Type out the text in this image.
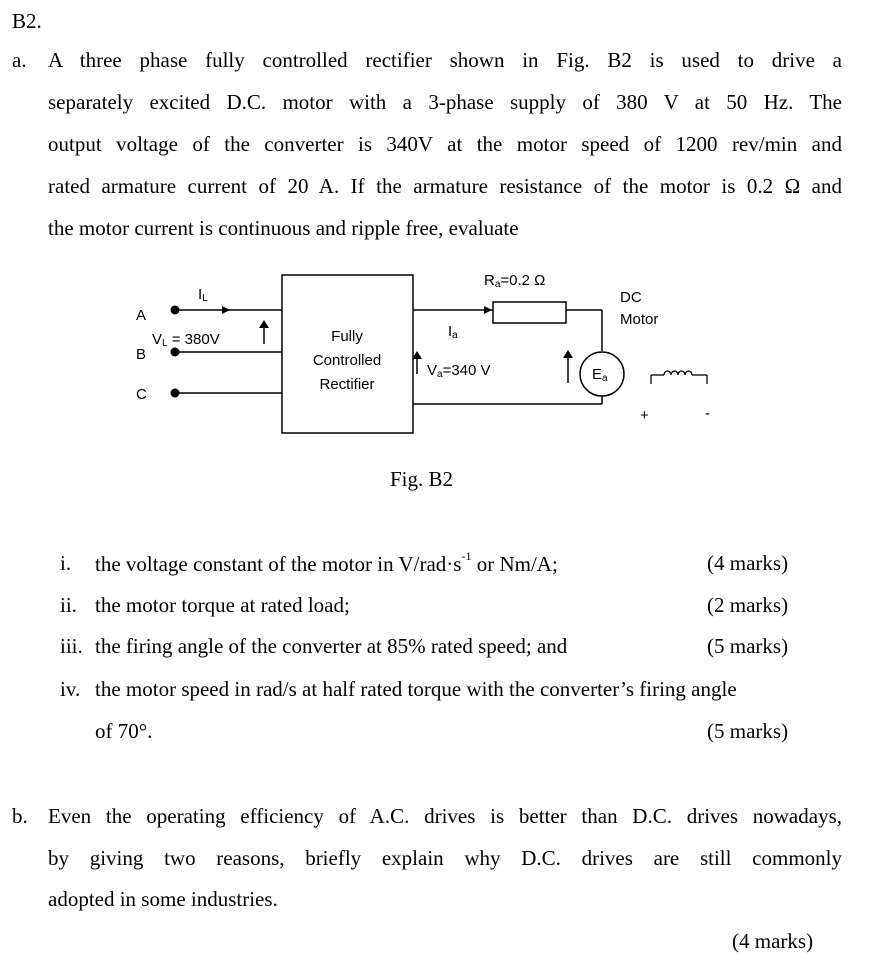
B2.
a. A three phase fully controlled rectifier shown in Fig. B2 is used to drive a
separately excited D.C. motor with a 3-phase supply of 380 V at 50 Hz. The
output voltage of the converter is 340V at the motor speed of 1200 rev/min and
rated armature current of 20 A. If the armature resistance of the motor is 0.2 Ω and
the motor current is continuous and ripple free, evaluate
A
B
C
IL
VL = 380V	Fully
Controlled
Rectifier
Ia
Ra=0.2 Ω
Va=340 V	Ea
DC
Motor
+	-
Fig. B2
i. the voltage constant of the motor in $V/rad\cdot s^{-1}$ or Nm/A;	(4 marks)
ii. the motor torque at rated load;	(2 marks)
iii. the firing angle of the converter at 85% rated speed; and	(5 marks)
iv. the motor speed in rad/s at half rated torque with the converter’s firing angle
of 70°.	(5 marks)
b. Even the operating efficiency of A.C. drives is better than D.C. drives nowadays,
by giving two reasons, briefly explain why D.C. drives are still commonly
adopted in some industries.
(4 marks)
